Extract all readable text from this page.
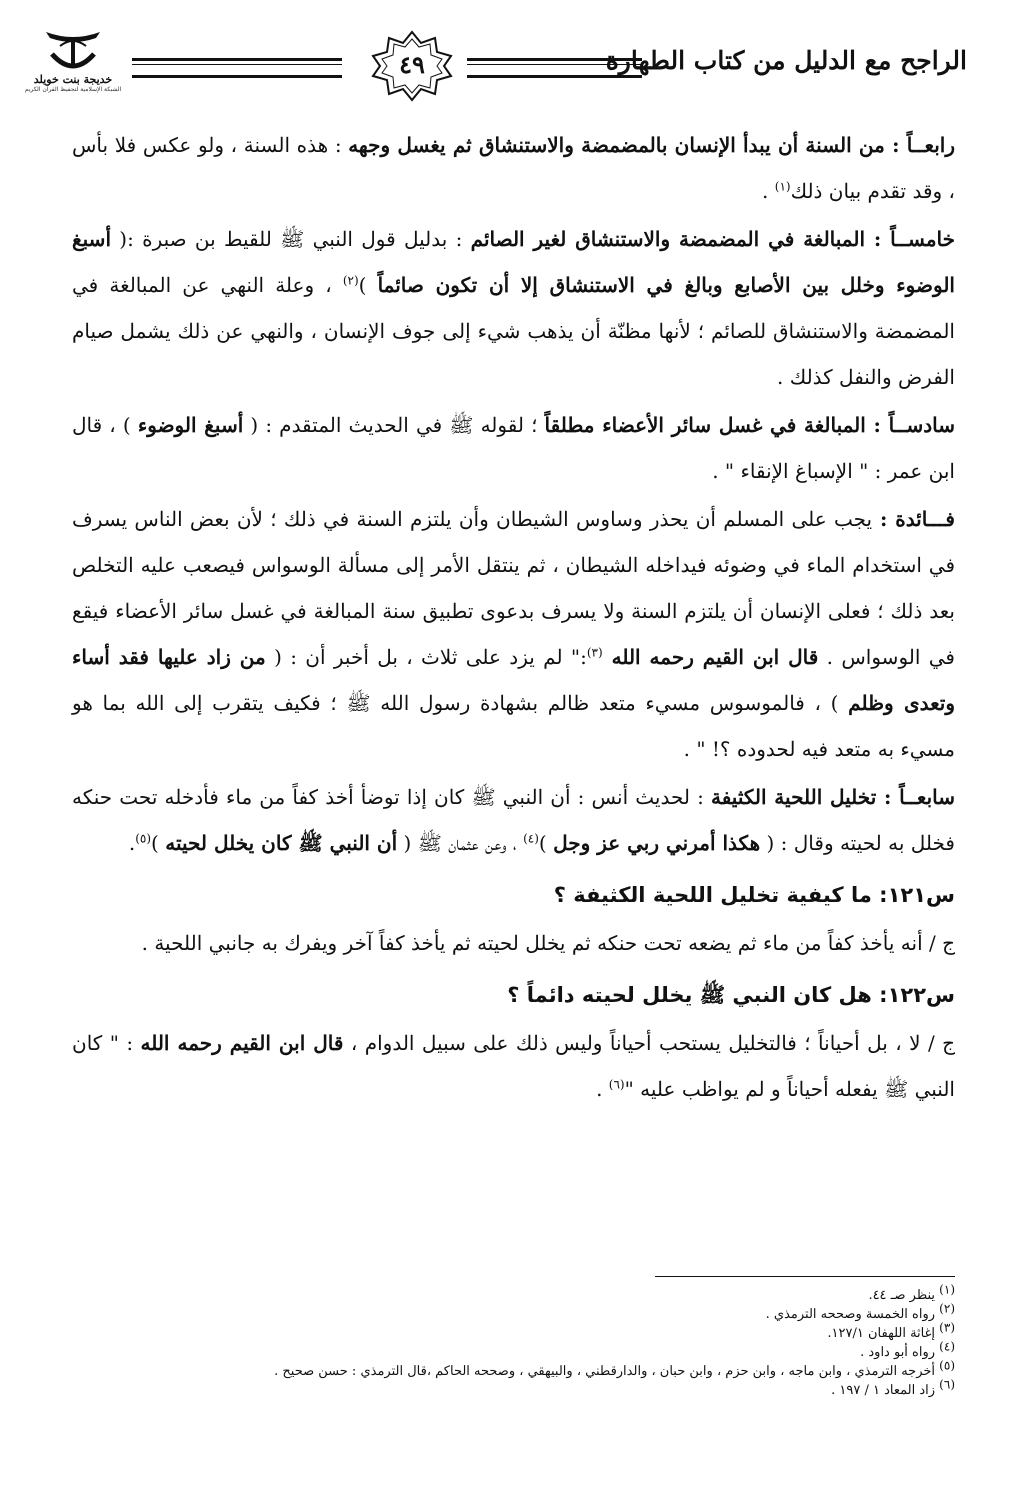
الراجح مع الدليل من كتاب الطهارة
٤٩
خديجة بنت خويلد
الشبكة الإسلامية لتحفيظ القرآن الكريم

رابعــاً : من السنة أن يبدأ الإنسان بالمضمضة والاستنشاق ثم يغسل وجهه : هذه السنة ، ولو عكس فلا بأس ، وقد تقدم بيان ذلك$^{(١)}$ .

خامســاً : المبالغة في المضمضة والاستنشاق لغير الصائم : بدليل قول النبي ﷺ للقيط بن صبرة :( أسبغ الوضوء وخلل بين الأصابع وبالغ في الاستنشاق إلا أن تكون صائماً )$^{(٢)}$ ، وعلة النهي عن المبالغة في المضمضة والاستنشاق للصائم ؛ لأنها مظنّة أن يذهب شيء إلى جوف الإنسان ، والنهي عن ذلك يشمل صيام الفرض والنفل كذلك .

سادســاً : المبالغة في غسل سائر الأعضاء مطلقاً ؛ لقوله ﷺ في الحديث المتقدم : ( أسبغ الوضوء ) ، قال ابن عمر : " الإسباغ الإنقاء " .

فـــائدة : يجب على المسلم أن يحذر وساوس الشيطان وأن يلتزم السنة في ذلك ؛ لأن بعض الناس يسرف في استخدام الماء في وضوئه فيداخله الشيطان ، ثم ينتقل الأمر إلى مسألة الوسواس فيصعب عليه التخلص بعد ذلك ؛ فعلى الإنسان أن يلتزم السنة ولا يسرف بدعوى تطبيق سنة المبالغة في غسل سائر الأعضاء فيقع في الوسواس . قال ابن القيم رحمه الله $^{(٣)}$:" لم يزد على ثلاث ، بل أخبر أن : ( من زاد عليها فقد أساء وتعدى وظلم ) ، فالموسوس مسيء متعد ظالم بشهادة رسول الله ﷺ ؛ فكيف يتقرب إلى الله بما هو مسيء به متعد فيه لحدوده ؟! " .

سابعــاً : تخليل اللحية الكثيفة : لحديث أنس : أن النبي ﷺ كان إذا توضأ أخذ كفاً من ماء فأدخله تحت حنكه فخلل به لحيته وقال : ( هكذا أمرني ربي عز وجل )$^{(٤)}$ ، وعن عثمان ﷺ ( أن النبي ﷺ كان يخلل لحيته )$^{(٥)}$.

س١٢١: ما كيفية تخليل اللحية الكثيفة ؟

ج / أنه يأخذ كفاً من ماء ثم يضعه تحت حنكه ثم يخلل لحيته ثم يأخذ كفاً آخر ويفرك به جانبي اللحية .

س١٢٢: هل كان النبي ﷺ يخلل لحيته دائماً ؟

ج / لا ، بل أحياناً ؛ فالتخليل يستحب أحياناً وليس ذلك على سبيل الدوام ، قال ابن القيم رحمه الله : " كان النبي ﷺ يفعله أحياناً و لم يواظب عليه "$^{(٦)}$ .

$^{(١)}$ ينظر صـ ٤٤.

$^{(٢)}$ رواه الخمسة وصححه الترمذي .

$^{(٣)}$ إغاثة اللهفان ١٢٧/١.

$^{(٤)}$ رواه أبو داود .

$^{(٥)}$ أخرجه الترمذي ، وابن ماجه ، وابن حزم ، وابن حبان ، والدارقطني ، والبيهقي ، وصححه الحاكم ،قال الترمذي : حسن صحيح .

$^{(٦)}$ زاد المعاد ١ / ١٩٧ .
